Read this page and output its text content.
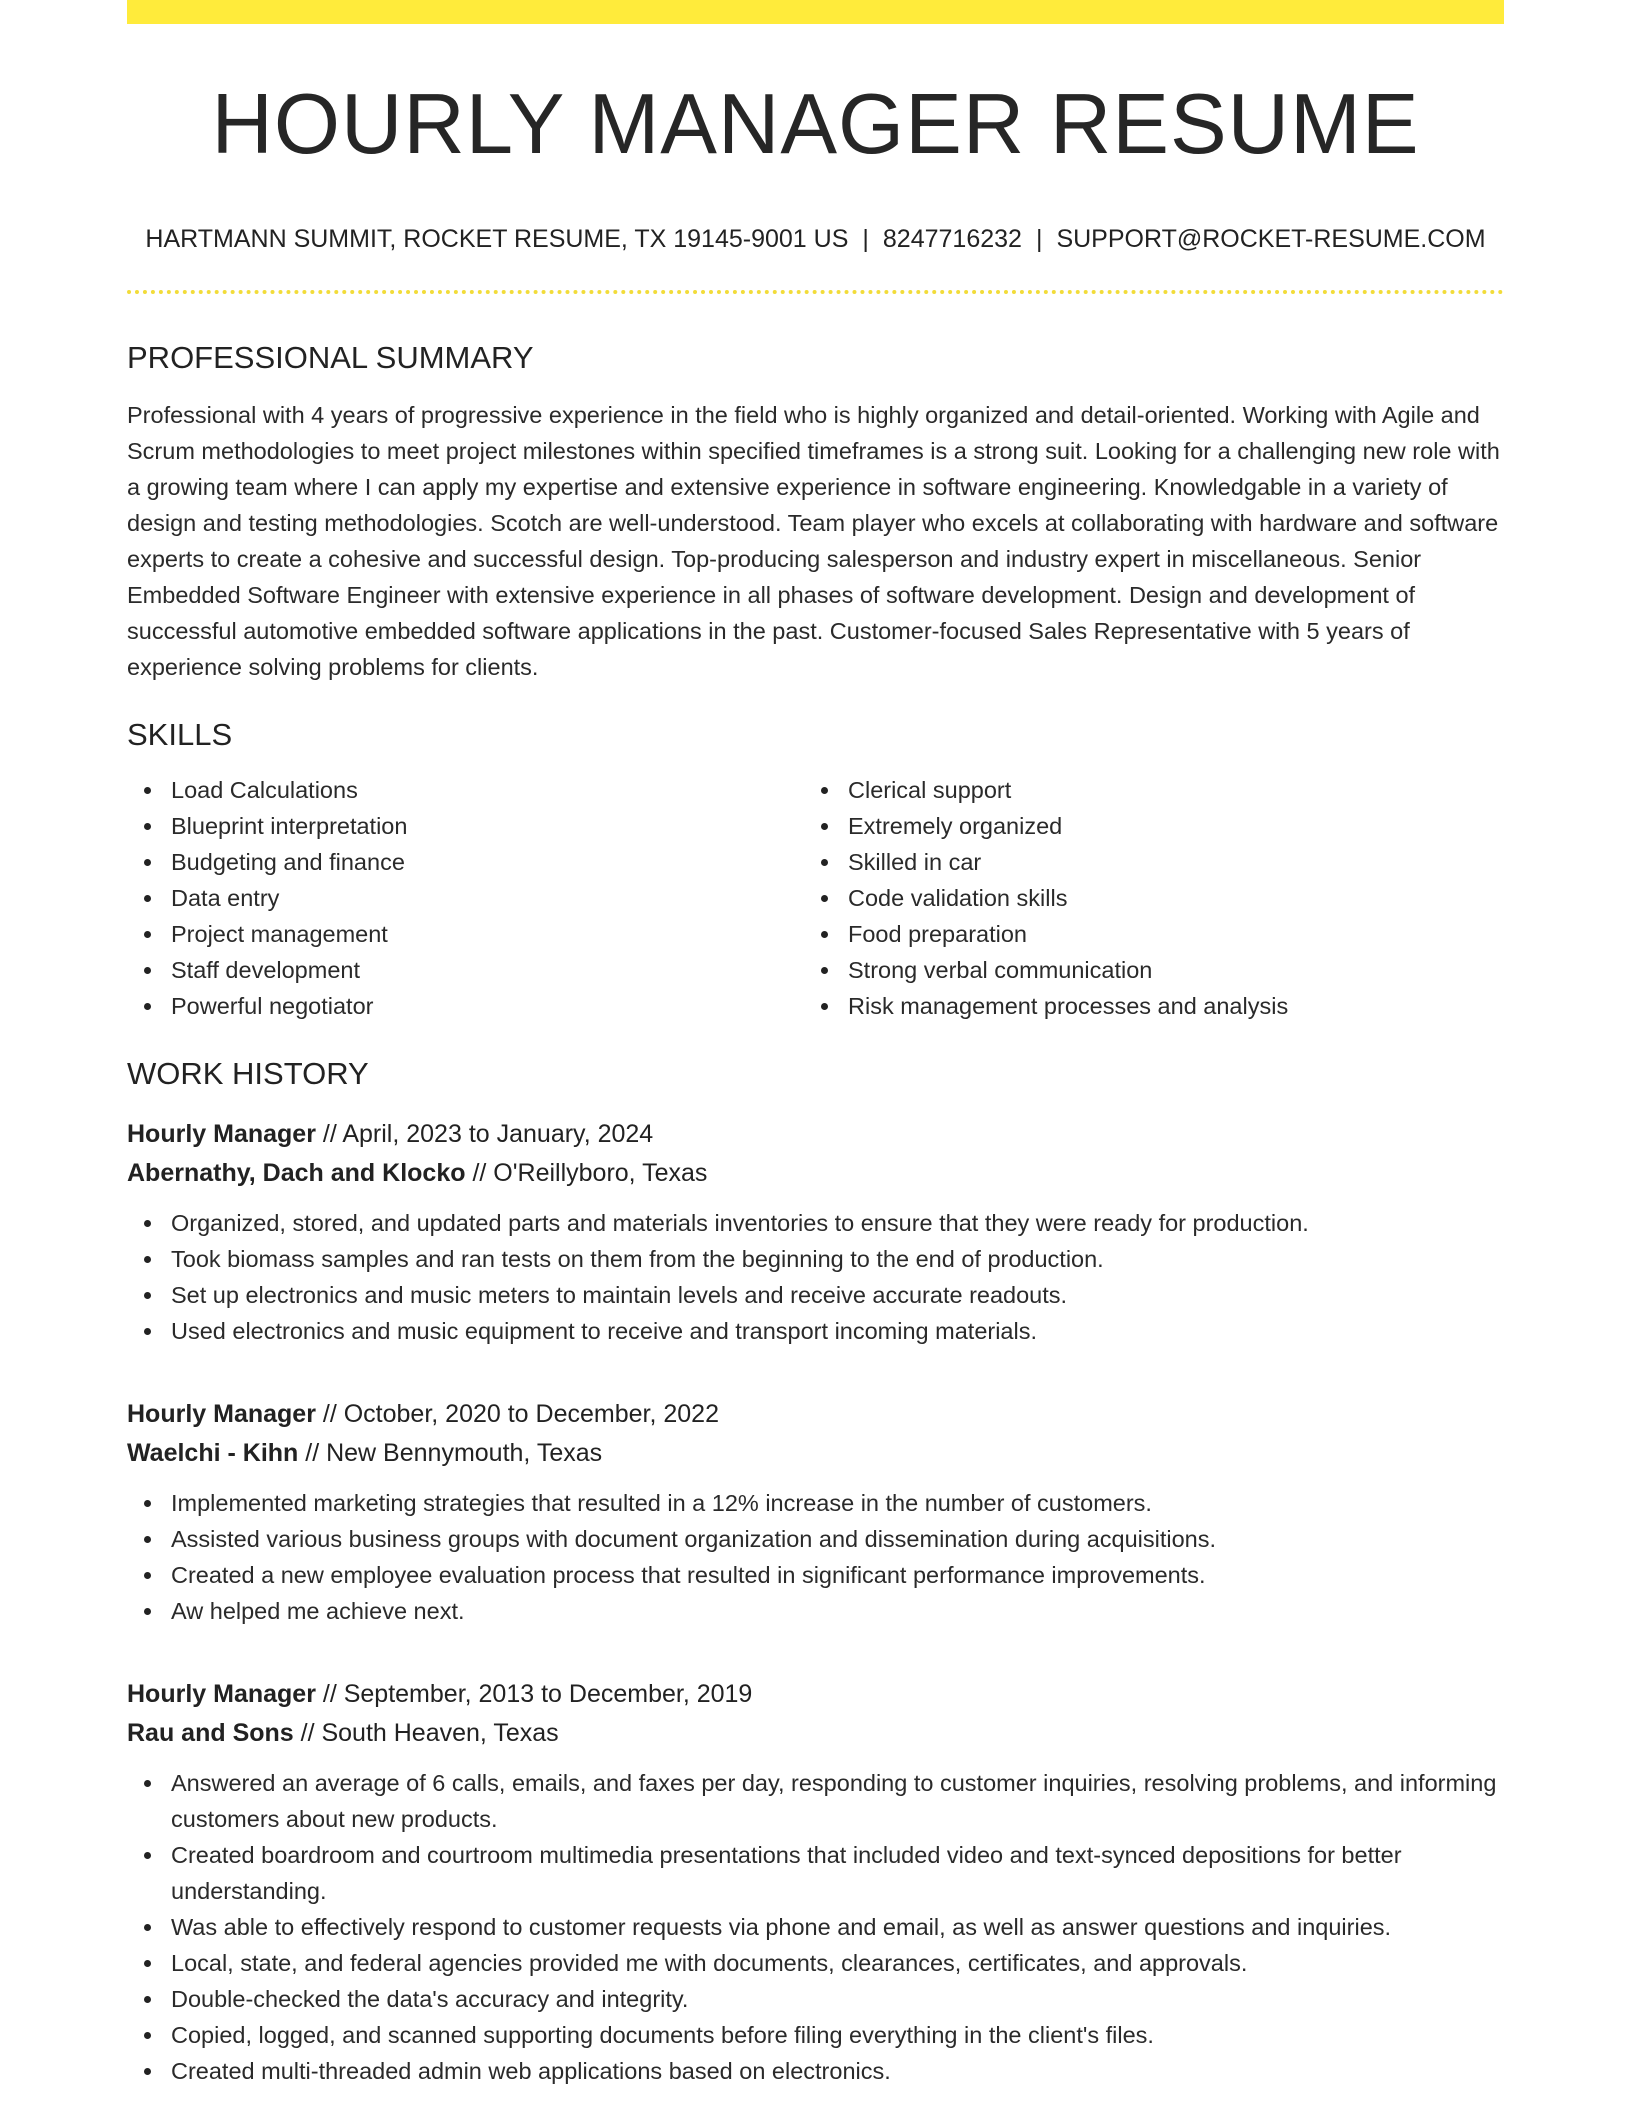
HOURLY MANAGER RESUME
HARTMANN SUMMIT, ROCKET RESUME, TX 19145-9001 US | 8247716232 | SUPPORT@ROCKET-RESUME.COM
PROFESSIONAL SUMMARY

Professional with 4 years of progressive experience in the field who is highly organized and detail-oriented. Working with Agile and Scrum methodologies to meet project milestones within specified timeframes is a strong suit. Looking for a challenging new role with a growing team where I can apply my expertise and extensive experience in software engineering. Knowledgable in a variety of design and testing methodologies. Scotch are well-understood. Team player who excels at collaborating with hardware and software experts to create a cohesive and successful design. Top-producing salesperson and industry expert in miscellaneous. Senior Embedded Software Engineer with extensive experience in all phases of software development. Design and development of successful automotive embedded software applications in the past. Customer-focused Sales Representative with 5 years of experience solving problems for clients.

SKILLS
Load Calculations
Blueprint interpretation
Budgeting and finance
Data entry
Project management
Staff development
Powerful negotiator
Clerical support
Extremely organized
Skilled in car
Code validation skills
Food preparation
Strong verbal communication
Risk management processes and analysis
WORK HISTORY
Hourly Manager // April, 2023 to January, 2024
Abernathy, Dach and Klocko // O'Reillyboro, Texas
Organized, stored, and updated parts and materials inventories to ensure that they were ready for production.
Took biomass samples and ran tests on them from the beginning to the end of production.
Set up electronics and music meters to maintain levels and receive accurate readouts.
Used electronics and music equipment to receive and transport incoming materials.
Hourly Manager // October, 2020 to December, 2022
Waelchi - Kihn // New Bennymouth, Texas
Implemented marketing strategies that resulted in a 12% increase in the number of customers.
Assisted various business groups with document organization and dissemination during acquisitions.
Created a new employee evaluation process that resulted in significant performance improvements.
Aw helped me achieve next.
Hourly Manager // September, 2013 to December, 2019
Rau and Sons // South Heaven, Texas
Answered an average of 6 calls, emails, and faxes per day, responding to customer inquiries, resolving problems, and informing customers about new products.
Created boardroom and courtroom multimedia presentations that included video and text-synced depositions for better understanding.
Was able to effectively respond to customer requests via phone and email, as well as answer questions and inquiries.
Local, state, and federal agencies provided me with documents, clearances, certificates, and approvals.
Double-checked the data's accuracy and integrity.
Copied, logged, and scanned supporting documents before filing everything in the client's files.
Created multi-threaded admin web applications based on electronics.
